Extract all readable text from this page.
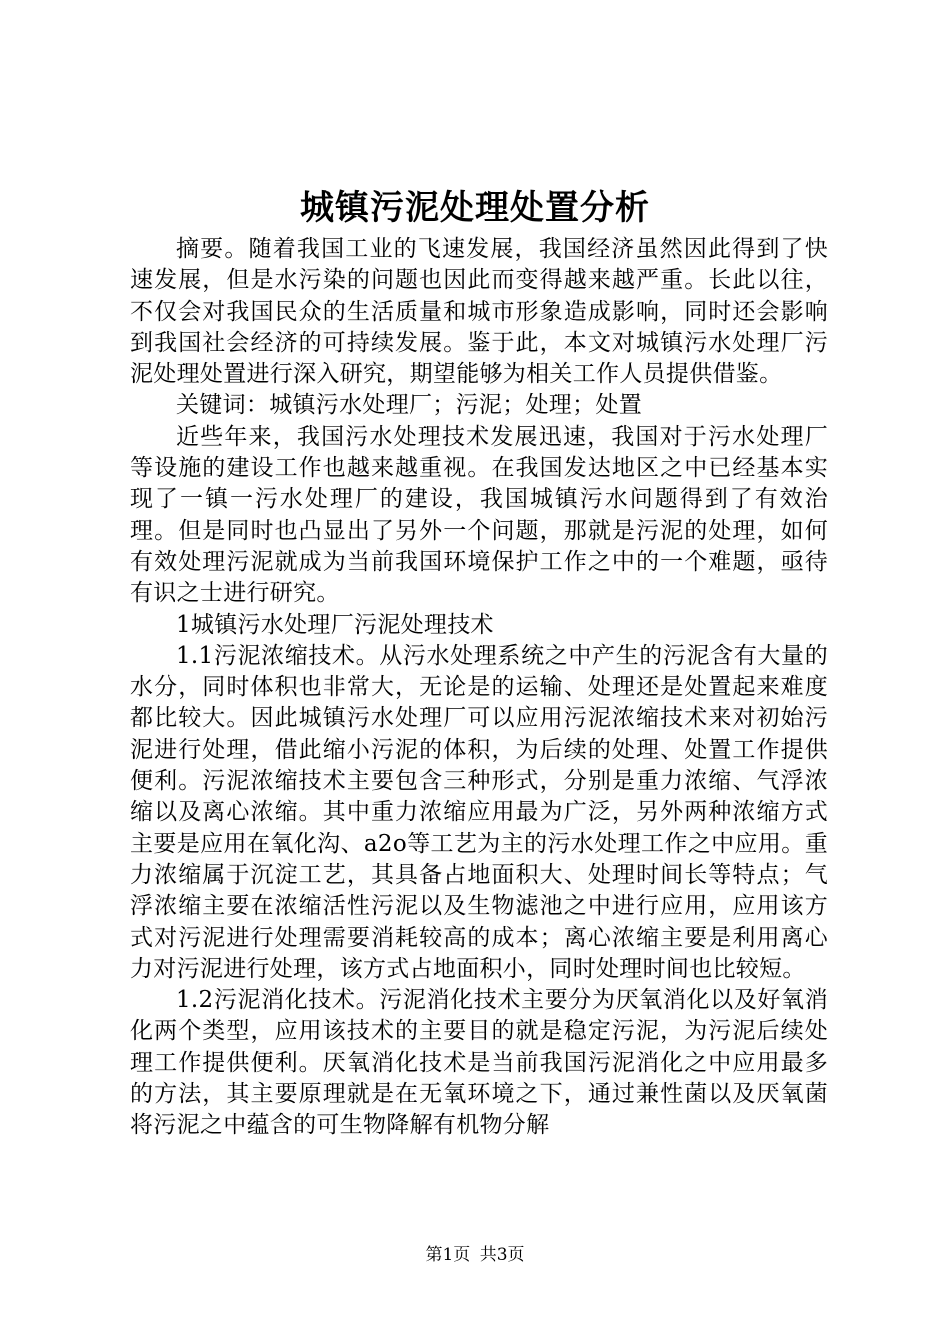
城镇污泥处理处置分析

摘要。随着我国工业的飞速发展，我国经济虽然因此得到了快速发展，但是水污染的问题也因此而变得越来越严重。长此以往，不仅会对我国民众的生活质量和城市形象造成影响，同时还会影响到我国社会经济的可持续发展。鉴于此，本文对城镇污水处理厂污泥处理处置进行深入研究，期望能够为相关工作人员提供借鉴。

关键词：城镇污水处理厂；污泥；处理；处置

近些年来，我国污水处理技术发展迅速，我国对于污水处理厂等设施的建设工作也越来越重视。在我国发达地区之中已经基本实现了一镇一污水处理厂的建设，我国城镇污水问题得到了有效治理。但是同时也凸显出了另外一个问题，那就是污泥的处理，如何有效处理污泥就成为当前我国环境保护工作之中的一个难题，亟待有识之士进行研究。

1城镇污水处理厂污泥处理技术

1.1污泥浓缩技术。从污水处理系统之中产生的污泥含有大量的水分，同时体积也非常大，无论是的运输、处理还是处置起来难度都比较大。因此城镇污水处理厂可以应用污泥浓缩技术来对初始污泥进行处理，借此缩小污泥的体积，为后续的处理、处置工作提供便利。污泥浓缩技术主要包含三种形式，分别是重力浓缩、气浮浓缩以及离心浓缩。其中重力浓缩应用最为广泛，另外两种浓缩方式主要是应用在氧化沟、a2o等工艺为主的污水处理工作之中应用。重力浓缩属于沉淀工艺，其具备占地面积大、处理时间长等特点；气浮浓缩主要在浓缩活性污泥以及生物滤池之中进行应用，应用该方式对污泥进行处理需要消耗较高的成本；离心浓缩主要是利用离心力对污泥进行处理，该方式占地面积小，同时处理时间也比较短。

1.2污泥消化技术。污泥消化技术主要分为厌氧消化以及好氧消化两个类型，应用该技术的主要目的就是稳定污泥，为污泥后续处理工作提供便利。厌氧消化技术是当前我国污泥消化之中应用最多的方法，其主要原理就是在无氧环境之下，通过兼性菌以及厌氧菌将污泥之中蕴含的可生物降解有机物分解

第1页 共3页
